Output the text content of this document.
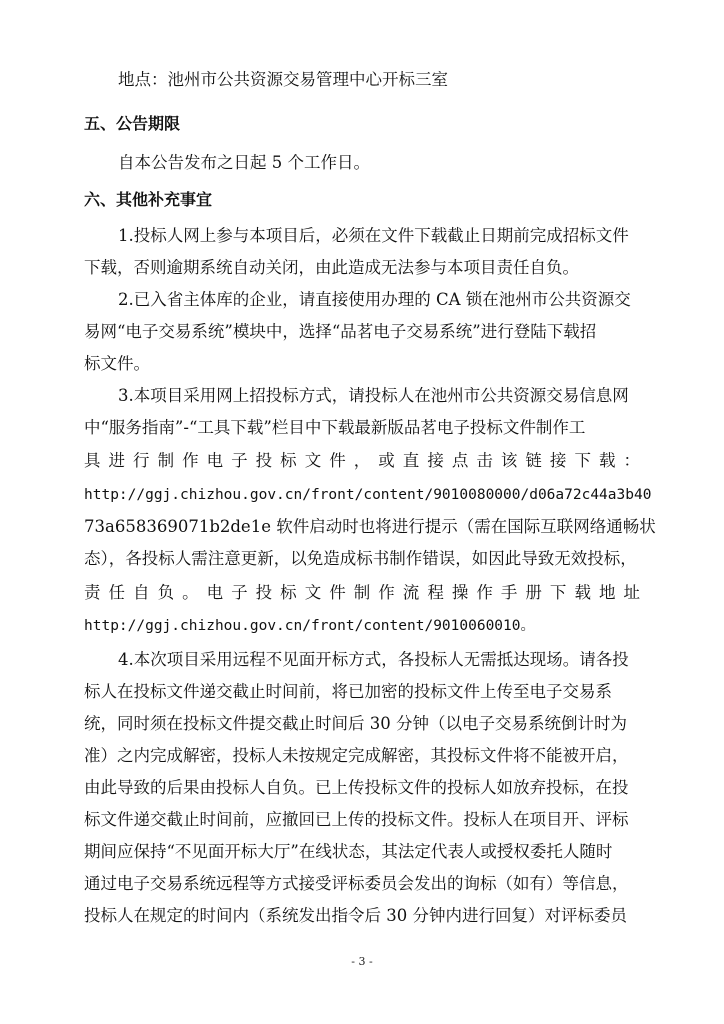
地点：池州市公共资源交易管理中心开标三室
五、公告期限
自本公告发布之日起 5 个工作日。
六、其他补充事宜
1.投标人网上参与本项目后，必须在文件下载截止日期前完成招标文件
下载，否则逾期系统自动关闭，由此造成无法参与本项目责任自负。
2.已入省主体库的企业，请直接使用办理的 CA 锁在池州市公共资源交
易网“电子交易系统”模块中，选择“品茗电子交易系统”进行登陆下载招
标文件。
3.本项目采用网上招投标方式，请投标人在池州市公共资源交易信息网
中“服务指南”-“工具下载”栏目中下载最新版品茗电子投标文件制作工
具进行制作电子投标文件，或直接点击该链接下载：
http://ggj.chizhou.gov.cn/front/content/9010080000/d06a72c44a3b40
73a658369071b2de1e 软件启动时也将进行提示（需在国际互联网络通畅状
态），各投标人需注意更新，以免造成标书制作错误，如因此导致无效投标，
责任自负。电子投标文件制作流程操作手册下载地址
http://ggj.chizhou.gov.cn/front/content/9010060010。
4.本次项目采用远程不见面开标方式，各投标人无需抵达现场。请各投
标人在投标文件递交截止时间前，将已加密的投标文件上传至电子交易系
统，同时须在投标文件提交截止时间后 30 分钟（以电子交易系统倒计时为
准）之内完成解密，投标人未按规定完成解密，其投标文件将不能被开启，
由此导致的后果由投标人自负。已上传投标文件的投标人如放弃投标，在投
标文件递交截止时间前，应撤回已上传的投标文件。投标人在项目开、评标
期间应保持“不见面开标大厅”在线状态，其法定代表人或授权委托人随时
通过电子交易系统远程等方式接受评标委员会发出的询标（如有）等信息，
投标人在规定的时间内（系统发出指令后 30 分钟内进行回复）对评标委员
- 3 -
